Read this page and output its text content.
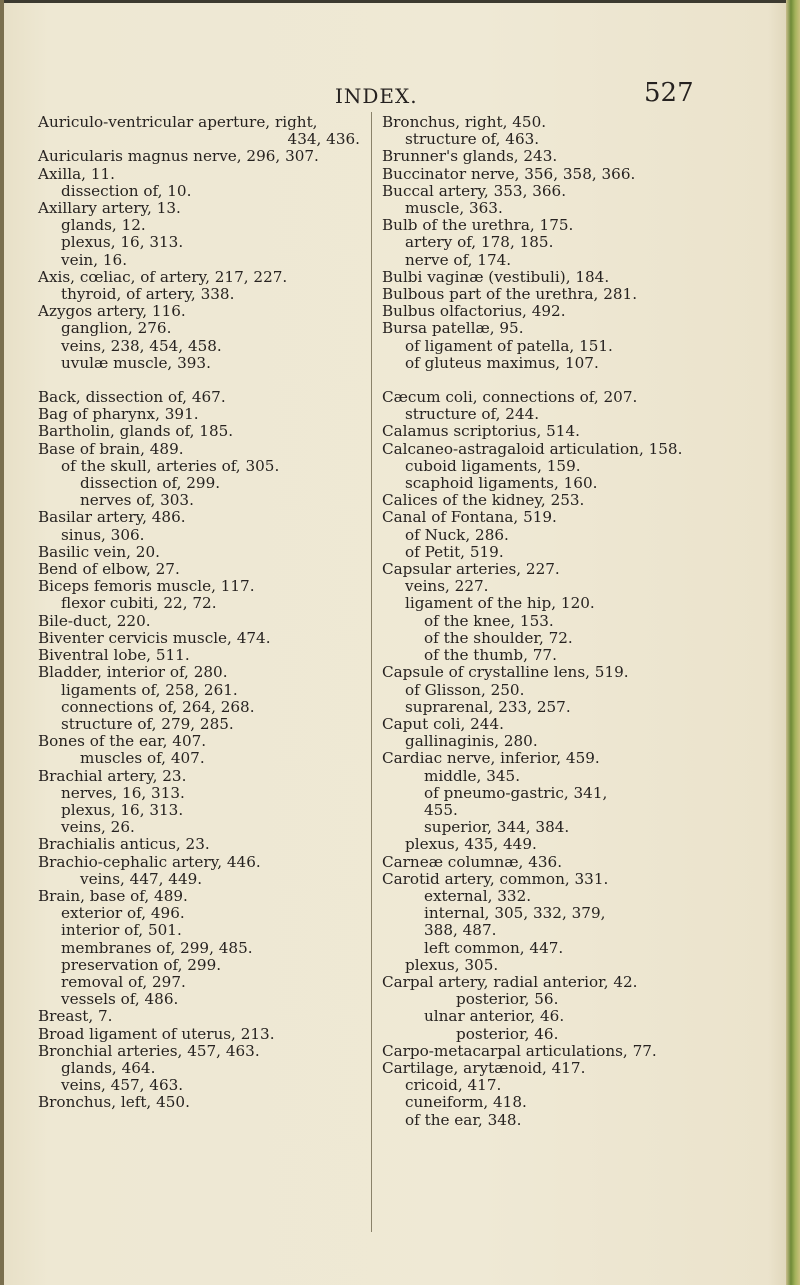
INDEX.	527
Auriculo-ventricular aperture, right,
434, 436.
Auricularis magnus nerve, 296, 307.
Axilla, 11.
dissection of, 10.
Axillary artery, 13.
glands, 12.
plexus, 16, 313.
vein, 16.
Axis, cœliac, of artery, 217, 227.
thyroid, of artery, 338.
Azygos artery, 116.
ganglion, 276.
veins, 238, 454, 458.
uvulæ muscle, 393.
Back, dissection of, 467.
Bag of pharynx, 391.
Bartholin, glands of, 185.
Base of brain, 489.
of the skull, arteries of, 305.
dissection of, 299.
nerves of, 303.
Basilar artery, 486.
sinus, 306.
Basilic vein, 20.
Bend of elbow, 27.
Biceps femoris muscle, 117.
flexor cubiti, 22, 72.
Bile-duct, 220.
Biventer cervicis muscle, 474.
Biventral lobe, 511.
Bladder, interior of, 280.
ligaments of, 258, 261.
connections of, 264, 268.
structure of, 279, 285.
Bones of the ear, 407.
muscles of, 407.
Brachial artery, 23.
nerves, 16, 313.
plexus, 16, 313.
veins, 26.
Brachialis anticus, 23.
Brachio-cephalic artery, 446.
veins, 447, 449.
Brain, base of, 489.
exterior of, 496.
interior of, 501.
membranes of, 299, 485.
preservation of, 299.
removal of, 297.
vessels of, 486.
Breast, 7.
Broad ligament of uterus, 213.
Bronchial arteries, 457, 463.
glands, 464.
veins, 457, 463.
Bronchus, left, 450.
Bronchus, right, 450.
structure of, 463.
Brunner's glands, 243.
Buccinator nerve, 356, 358, 366.
Buccal artery, 353, 366.
muscle, 363.
Bulb of the urethra, 175.
artery of, 178, 185.
nerve of, 174.
Bulbi vaginæ (vestibuli), 184.
Bulbous part of the urethra, 281.
Bulbus olfactorius, 492.
Bursa patellæ, 95.
of ligament of patella, 151.
of gluteus maximus, 107.
Cæcum coli, connections of, 207.
structure of, 244.
Calamus scriptorius, 514.
Calcaneo-astragaloid articulation, 158.
cuboid ligaments, 159.
scaphoid ligaments, 160.
Calices of the kidney, 253.
Canal of Fontana, 519.
of Nuck, 286.
of Petit, 519.
Capsular arteries, 227.
veins, 227.
ligament of the hip, 120.
of the knee, 153.
of the shoulder, 72.
of the thumb, 77.
Capsule of crystalline lens, 519.
of Glisson, 250.
suprarenal, 233, 257.
Caput coli, 244.
gallinaginis, 280.
Cardiac nerve, inferior, 459.
middle, 345.
of pneumo-gastric, 341,
455.
superior, 344, 384.
plexus, 435, 449.
Carneæ columnæ, 436.
Carotid artery, common, 331.
external, 332.
internal, 305, 332, 379,
388, 487.
left common, 447.
plexus, 305.
Carpal artery, radial anterior, 42.
posterior, 56.
ulnar anterior, 46.
posterior, 46.
Carpo-metacarpal articulations, 77.
Cartilage, arytænoid, 417.
cricoid, 417.
cuneiform, 418.
of the ear, 348.
